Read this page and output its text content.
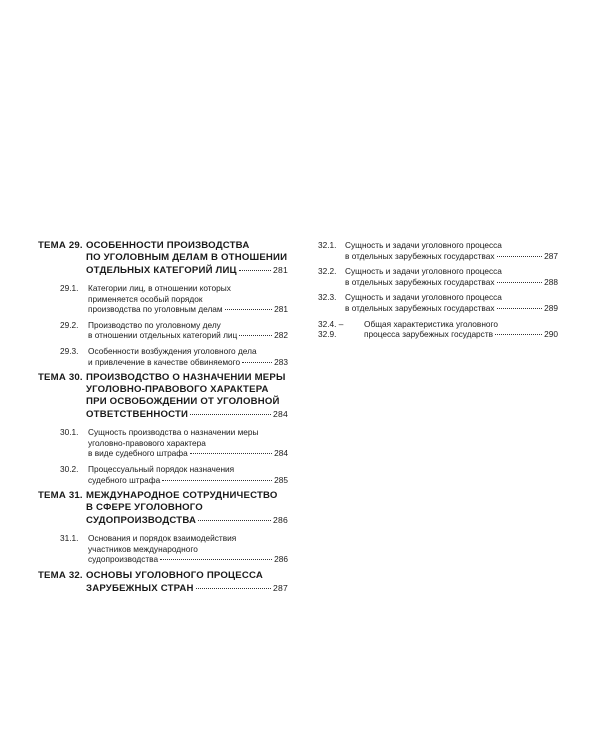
ТЕМА 29. ОСОБЕННОСТИ ПРОИЗВОДСТВА
ПО УГОЛОВНЫМ ДЕЛАМ В ОТНОШЕНИИ
ОТДЕЛЬНЫХ КАТЕГОРИЙ ЛИЦ	281
29.1.	Категории лиц, в отношении которых
применяется особый порядок
производства по уголовным делам	281
29.2.	Производство по уголовному делу
в отношении отдельных категорий лиц	282
29.3.	Особенности возбуждения уголовного дела
и привлечение в качестве обвиняемого	283
ТЕМА 30. ПРОИЗВОДСТВО О НАЗНАЧЕНИИ МЕРЫ
УГОЛОВНО-ПРАВОВОГО ХАРАКТЕРА
ПРИ ОСВОБОЖДЕНИИ ОТ УГОЛОВНОЙ
ОТВЕТСТВЕННОСТИ	284
30.1.	Сущность производства о назначении меры
уголовно-правового характера
в виде судебного штрафа	284
30.2.	Процессуальный порядок назначения
судебного штрафа	285
ТЕМА 31. МЕЖДУНАРОДНОЕ СОТРУДНИЧЕСТВО
В СФЕРЕ УГОЛОВНОГО
СУДОПРОИЗВОДСТВА	286
31.1.	Основания и порядок взаимодействия
участников международного
судопроизводства	286
ТЕМА 32. ОСНОВЫ УГОЛОВНОГО ПРОЦЕССА
ЗАРУБЕЖНЫХ СТРАН	287
32.1.	Сущность и задачи уголовного процесса
в отдельных зарубежных государствах	287
32.2.	Сущность и задачи уголовного процесса
в отдельных зарубежных государствах	288
32.3.	Сущность и задачи уголовного процесса
в отдельных зарубежных государствах	289
32.4. – 32.9.
Общая характеристика уголовного
процесса зарубежных государств	290
